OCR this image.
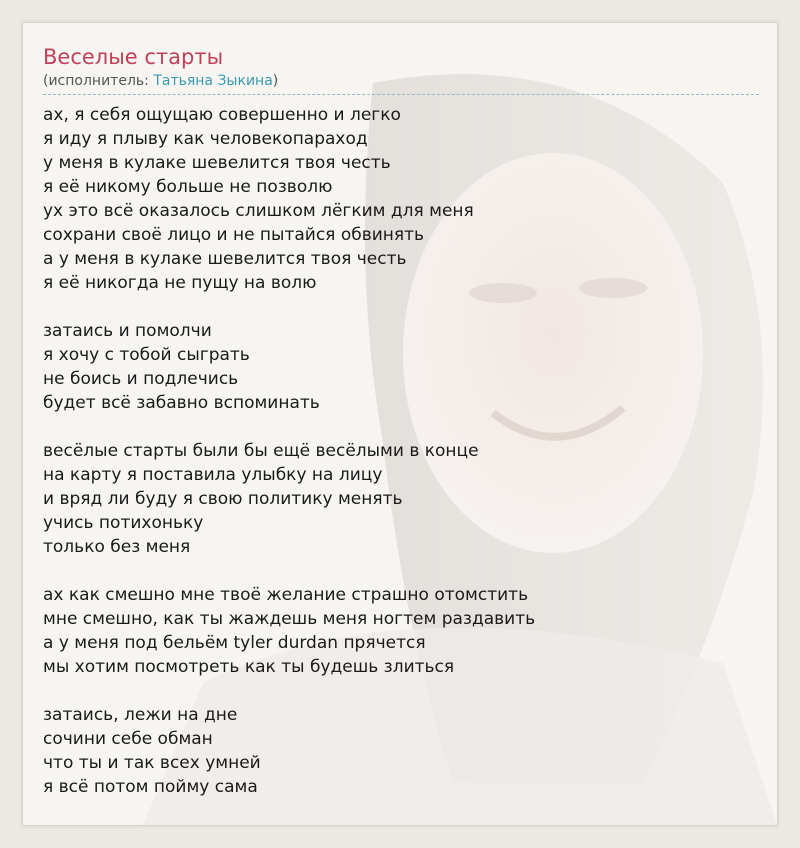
Веселые старты
(исполнитель: Татьяна Зыкина)
ах, я себя ощущаю совершенно и легко
я иду я плыву как человекопараход
у меня в кулаке шевелится твоя честь
я её никому больше не позволю
ух это всё оказалось слишком лёгким для меня
сохрани своё лицо и не пытайся обвинять
а у меня в кулаке шевелится твоя честь
я её никогда не пущу на волю
затаись и помолчи
я хочу с тобой сыграть
не боись и подлечись
будет всё забавно вспоминать
весёлые старты были бы ещё весёлыми в конце
на карту я поставила улыбку на лицу
и вряд ли буду я свою политику менять
учись потихоньку
только без меня
ах как смешно мне твоё желание страшно отомстить
мне смешно, как ты жаждешь меня ногтем раздавить
а у меня под бельём tyler durdan прячется
мы хотим посмотреть как ты будешь злиться
затаись, лежи на дне
сочини себе обман
что ты и так всех умней
я всё потом пойму сама
